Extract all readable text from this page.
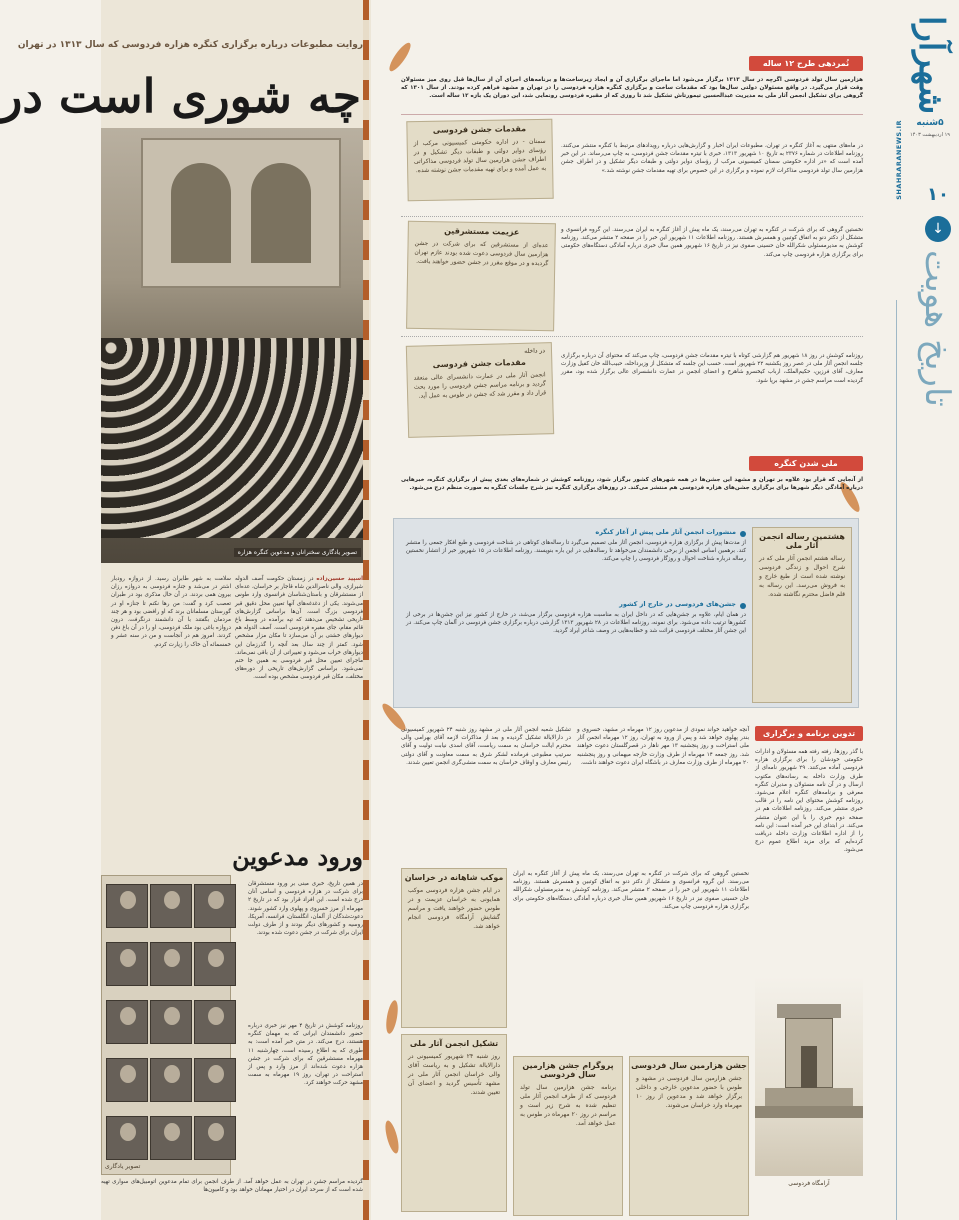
روایت مطبوعات درباره برگزاری کنگره هزاره فردوسی که سال ۱۳۱۳ در تهران
چه شوری است در
تصویر یادگاری سخنرانان و مدعوین کنگره هزاره
اسپید حسین‌زاده در زمستان حکومت آصف الدوله شیرازی، والی ناصرالدین شاه قاجار بر خراسان، عده‌ای از مستشرقان و باستان‌شناسان فرانسوی وارد طوس می‌شوند. یکی از دغدغه‌های آنها تعیین محل دقیق قبر فردوسی بزرگ است. آن‌ها براساس گزارش‌های تاریخی تشخیص می‌دهند که تپه برآمده در وسط باغ قائم مقام، جای مقبره فردوسی است. آصف الدوله هم دیوارهای خشتی بر آن می‌سازد تا مکان مزار مشخص شود. کمتر از چند سال بعد آنچه را گذرزمان این دیوارهای خراب می‌شود و تغییراتی از آن باقی نمی‌ماند. ماجرای تعیین محل قبر فردوسی به همین جا ختم نمی‌شود. براساس گزارش‌های تاریخی از دوره‌های مختلف، مکان قبر فردوسی مشخص بوده است.
سلامت به شهر طابران رسید. از دروازه رودبار اشتر در می‌شد و جنازه فردوسی به دروازه رزان بیرون همی بردند. در آن حال مذکری بود در طبران تعصب کرد و گفت: من رها نکنم تا جنازه او در گورستان مسلمانان برند که او رافضی بود و هر چند مردمان بگفتند با آن دانشمند درنگرفت. درون دروازه باغی بود ملک فردوسی، او را در آن باغ دفن کردند. امروز هم در آنجاست و من در سنه عشر و خمسمائه آن خاک را زیارت کردم.
ورود مدعوین
تصویر یادگاری
در همین تاریخ، خبری مبنی بر ورود مستشرقان برای شرکت در هزاره فردوسی و اسامی آنان درج شده است. این افراد قرار بود که در تاریخ ۲ مهرماه از مرز خسروی و پهلوی وارد کشور شوند. دعوت‌شدگان از آلمان، انگلستان، فرانسه، آمریکا، روسیه و کشورهای دیگر بودند و از طرف دولت ایران برای شرکت در جشن دعوت شده بودند.
روزنامه کوشش در تاریخ ۴ مهر نیز خبری درباره حضور دانشمندان ایرانی که به مهمان کنگره هستند، درج می‌کند. در متن خبر آمده است: به طوری که به اطلاع رسیده است، چهارشنبه ۱۱ مهرماه مستشرقین که برای شرکت در جشن هزاره دعوت شده‌اند از مرز وارد و پس از استراحت در تهران، روز ۱۹ مهرماه به سمت مشهد حرکت خواهند کرد.
گردیده مراسم جشن در تهران به عمل خواهد آمد. از طرف انجمن برای تمام مدعوین اتومبیل‌های سواری تهیه شده است که از سرحد ایران در اختیار مهمانان خواهد بود و کامیون‌ها
شهرآرا
۵شنبه
۱۹ اردیبهشت ۱۴۰۳
SHAHRARANEWS.IR ۱۰
↓
تاریخ هویت
نُمردهی طرح ۱۲ ساله
هزارمین سال تولد فردوسی اگرچه در سال ۱۳۱۳ برگزار می‌شود اما ماجرای برگزاری آن و ایجاد زیرساخت‌ها و برنامه‌های اجرای آن از سال‌ها قبل روی میز مسئولان وقت قرار می‌گیرد. در واقع مسئولان دولتی سال‌ها بود که مقدمات ساخت و برگزاری کنگره هزاره فردوسی را در تهران و مشهد فراهم کرده بودند. از سال ۱۳۰۱ که گروهی برای تشکیل انجمن آثار ملی به مدیریت عبدالحسین تیمورتاش تشکیل شد تا روزی که از مقبره فردوسی رونمایی شد، این دوران یک بازه ۱۲ ساله است.
مقدمات جشن فردوسی
سمنان - در اداره حکومتی کمیسیونی مرکب از رؤسای دوایر دولتی و طبقات دیگر تشکیل و در اطراف جشن هزارمین سال تولد فردوسی مذاکراتی به عمل آمده و برای تهیه مقدمات جشن نوشته شده.
در ماه‌های منتهی به آغاز کنگره در تهران، مطبوعات ایران اخبار و گزارش‌هایی درباره رویدادهای مرتبط با کنگره منتشر می‌کنند. روزنامه اطلاعات در شماره ۲۳۷۶ به تاریخ ۱۰ شهریور ۱۳۱۳، خبری با تیتره مقدمات جشن فردوسی، به چاپ می‌رساند. در این خبر آمده است که «در اداره حکومتی سمنان کمیسیونی مرکب از رؤسای دوایر دولتی و طبقات دیگر تشکیل و در اطراف جشن هزارمین سال تولد فردوسی مذاکرات لازم نموده و برگزاری در این خصوص برای تهیه مقدمات جشن نوشته شد.»
عزیمت مستشرقین
عده‌ای از مستشرقین که برای شرکت در جشن هزارمین سال فردوسی دعوت شده بودند عازم تهران گردیده و در موقع مقرر در جشن حضور خواهند یافت.
نخستین گروهی که برای شرکت در کنگره به تهران می‌رسند، یک ماه پیش از آغاز کنگره به ایران می‌رسند. این گروه فرانسوی و متشکل از دکتر دنو به اتفاق کوتبین و همسرش هستند. روزنامه اطلاعات ۱۱ شهریور این خبر را در صفحه ۲ منتشر می‌کند. روزنامه کوشش به مدیرمسئولی شکرالله خان حسینی صفوی نیز در تاریخ ۱۶ شهریور همین سال خبری درباره آمادگی دستگاه‌های حکومتی برای برگزاری هزاره فردوسی چاپ می‌کند.
در داخله
مقدمات جشن فردوسی
انجمن آثار ملی در عمارت دانشسرای عالی منعقد گردید و برنامه مراسم جشن فردوسی را مورد بحث قرار داد و مقرر شد که جشن در طوس به عمل آید.
روزنامه کوشش در روز ۱۸ شهریور هم گزارشی کوتاه با تیتره مقدمات جشن فردوسی، چاپ می‌کند که محتوای آن درباره برگزاری جلسه انجمن آثار ملی در عصر روز یکشنبه ۲۲ شهریور است. حسب این جلسه که متشکل از وزیرداخله، حبیب‌الله خان کفیل وزارت معارف، آقای فرزین، حکیم‌الملک، ارباب کیخسرو شاهرخ و اعضای انجمن در عمارت دانشسرای عالی برگزار شده بود، مقرر گردیده است مراسم جشن در مشهد برپا شود.
ملی شدن کنگره
از آنجایی که قرار بود علاوه بر تهران و مشهد این جشن‌ها در همه شهرهای کشور برگزار شود، روزنامه کوشش در شماره‌های بعدی پیش از برگزاری کنگره، خبرهایی درباره آمادگی دیگر شهرها برای برگزاری جشن‌های هزاره فردوسی هم منتشر می‌کند. در روزهای برگزاری کنگره نیز شرح جلسات کنگره به صورت منظم درج می‌شود.
منشورات انجمن آثار ملی پیش از آغاز کنگره
از مدت‌ها پیش از برگزاری هزاره فردوسی، انجمن آثار ملی تصمیم می‌گیرد تا رساله‌های کوتاهی در شناخت فردوسی و طبع افکار جمعی را منتشر کند. برهمین اساس انجمن از برخی دانشمندان می‌خواهد تا رساله‌هایی در این باره بنویسند. روزنامه اطلاعات در ۱۵ شهریور خبر از انتشار نخستین رساله درباره شناخت احوال و روزگار فردوسی را چاپ می‌کند.
جشن‌های فردوسی در خارج از کشور
در همان ایام، علاوه بر جشن‌هایی که در داخل ایران به مناسبت هزاره فردوسی برگزار می‌شد، در خارج از کشور نیز این جشن‌ها در برخی از کشورها ترتیب داده می‌شود. برای نمونه، روزنامه اطلاعات در ۲۸ شهریور ۱۳۱۳ گزارشی درباره برگزاری جشن فردوسی در آلمان چاپ می‌کند. در این جشن آثار مختلف فردوسی قرائت شد و خطابه‌هایی در وصف شاعر ایراد گردید.
هشتمین رساله انجمن آثار ملی
رساله هشتم انجمن آثار ملی که در شرح احوال و زندگی فردوسی نوشته شده است از طبع خارج و به فروش می‌رسد. این رساله به قلم فاضل محترم نگاشته شده.
تدوین برنامه و برگزاری
با گذر روزها، رفته رفته همه مسئولان و ادارات حکومتی خودشان را برای برگزاری هزاره فردوسی آماده می‌کنند. ۲۹ شهریور نامه‌ای از طرف وزارت داخله به رسانه‌های مکتوب ارسال و در آن نامه مسئولان و مدیران کنگره معرفی و برنامه‌های کنگره اعلام می‌شود. روزنامه کوشش محتوای این نامه را در قالب خبری منتشر می‌کند. روزنامه اطلاعات هم در صفحه دوم خبری را با این عنوان منتشر می‌کند. در ابتدای این خبر آمده است: این نامه را از اداره اطلاعات وزارت داخله دریافت کرده‌ایم که برای مزید اطلاع عموم درج می‌شود.
آرامگاه فردوسی
آنچه خواهید خواند نمودی از مدعوین روز ۱۲ مهرماه در مشهد، خسروی و بندر پهلوی خواهد شد و پس از ورود به تهران، روز ۱۲ مهرماه انجمن آثار ملی استراحت و روز پنجشنبه ۱۳ مهر ناهار در قصرگلستان دعوت خواهند شد. روز جمعه ۱۴ مهرماه از طرف وزارت خارجه میهمانی و روز پنجشنبه ۲۰ مهرماه از طرف وزارت معارف در باشگاه ایران دعوت خواهند داشت.
تشکیل شعبه انجمن آثار ملی در مشهد روز شنبه ۲۴ شهریور کمیسیونی در دارالایالة تشکیل گردیده و بعد از مذاکرات لازمه آقای بهرامی والی محترم ایالت خراسان به سمت ریاست، آقای اسدی نیابت تولیت و آقای سرتیپ مطبوعی فرمانده لشکر شرق به سمت معاونت و آقای دولتی رئیس معارف و اوقاف خراسان به سمت منشی‌گری انجمن تعیین شدند.
موکب شاهانه در خراسان
در ایام جشن هزاره فردوسی موکب همایونی به خراسان عزیمت و در طوس حضور خواهند یافت و مراسم گشایش آرامگاه فردوسی انجام خواهد شد.
تشکیل انجمن آثار ملی
روز شنبه ۲۴ شهریور کمیسیونی در دارالایالة تشکیل و به ریاست آقای والی خراسان انجمن آثار ملی در مشهد تأسیس گردید و اعضای آن تعیین شدند.
نخستین گروهی که برای شرکت در کنگره به تهران می‌رسند، یک ماه پیش از آغاز کنگره به ایران می‌رسند. این گروه فرانسوی و متشکل از دکتر دنو به اتفاق کوتبین و همسرش هستند. روزنامه اطلاعات ۱۱ شهریور این خبر را در صفحه ۲ منتشر می‌کند. روزنامه کوشش به مدیرمسئولی شکرالله خان حسینی صفوی نیز در تاریخ ۱۶ شهریور همین سال خبری درباره آمادگی دستگاه‌های حکومتی برای برگزاری هزاره فردوسی چاپ می‌کند.
پروگرام جشن هزارمین سال فردوسی
برنامه جشن هزارمین سال تولد فردوسی که از طرف انجمن آثار ملی تنظیم شده به شرح زیر است و مراسم در روز ۲۰ مهرماه در طوس به عمل خواهد آمد.
جشن هزارمین سال فردوسی
جشن هزارمین سال فردوسی در مشهد و طوس با حضور مدعوین خارجی و داخلی برگزار خواهد شد و مدعوین از روز ۱۰ مهرماه وارد خراسان می‌شوند.
